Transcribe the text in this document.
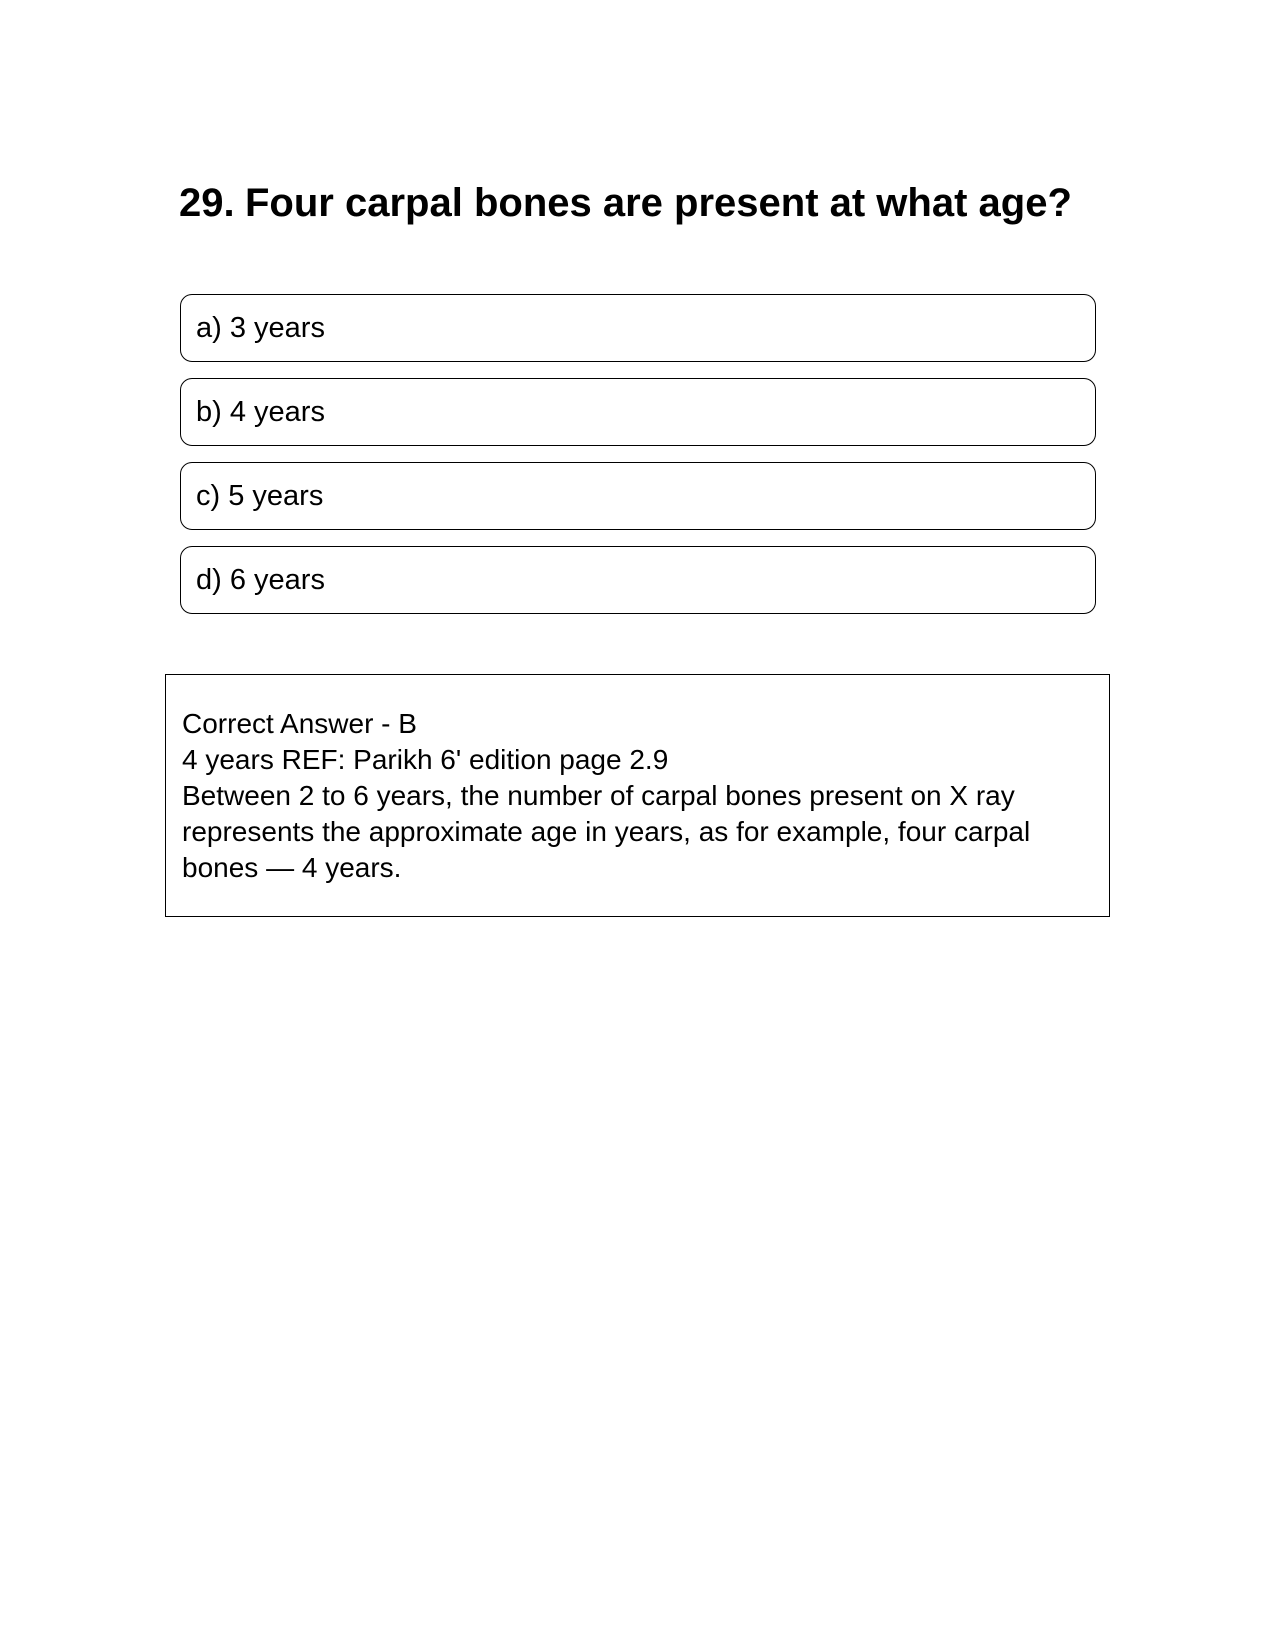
29. Four carpal bones are present at what age?
a) 3 years
b) 4 years
c) 5 years
d) 6 years
Correct Answer - B
4 years REF: Parikh 6' edition page 2.9
Between 2 to 6 years, the number of carpal bones present on X ray represents the approximate age in years, as for example, four carpal bones — 4 years.
